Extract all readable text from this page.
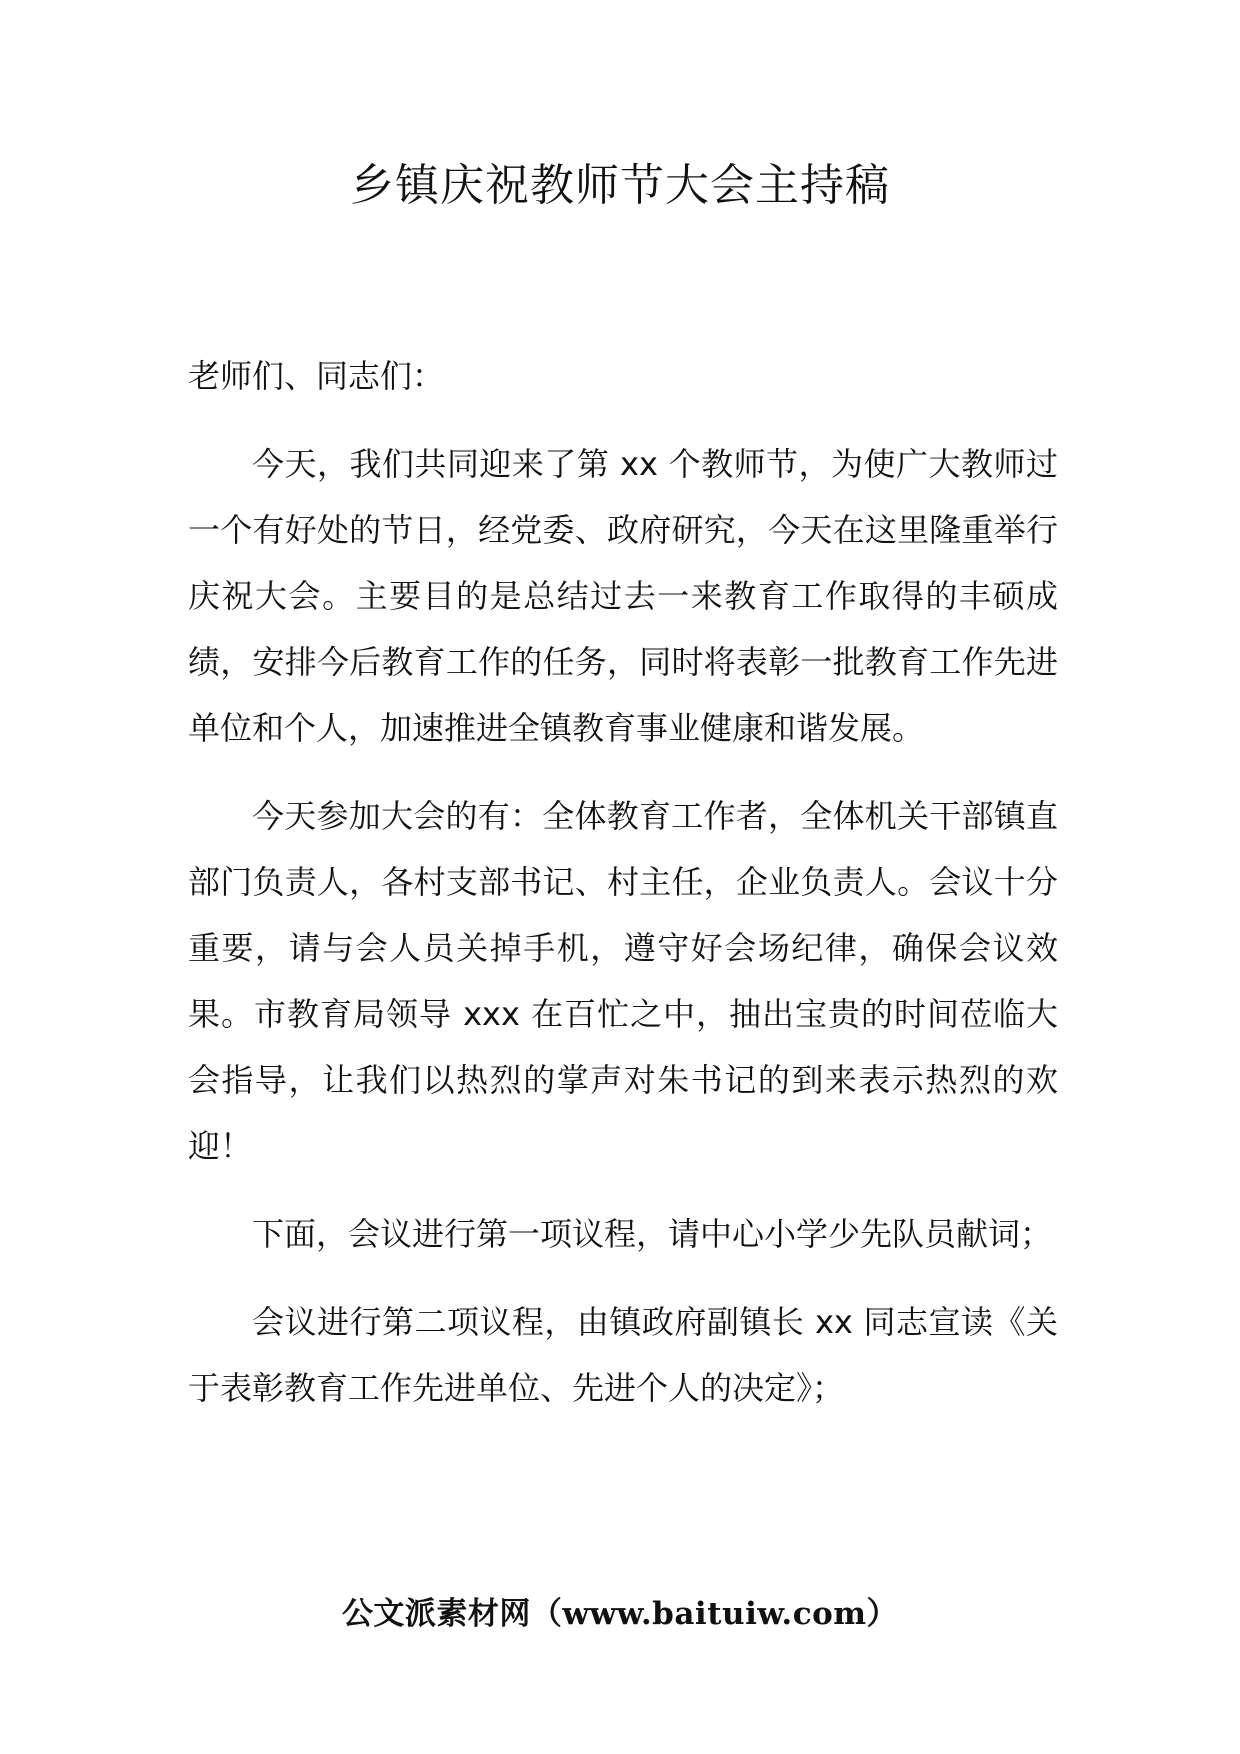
乡镇庆祝教师节大会主持稿

老师们、同志们：

今天，我们共同迎来了第 xx 个教师节，为使广大教师过一个有好处的节日，经党委、政府研究，今天在这里隆重举行庆祝大会。主要目的是总结过去一来教育工作取得的丰硕成绩，安排今后教育工作的任务，同时将表彰一批教育工作先进单位和个人，加速推进全镇教育事业健康和谐发展。

今天参加大会的有：全体教育工作者，全体机关干部镇直部门负责人，各村支部书记、村主任，企业负责人。会议十分重要，请与会人员关掉手机，遵守好会场纪律，确保会议效果。市教育局领导 xxx 在百忙之中，抽出宝贵的时间莅临大会指导，让我们以热烈的掌声对朱书记的到来表示热烈的欢迎！

下面，会议进行第一项议程，请中心小学少先队员献词；

会议进行第二项议程，由镇政府副镇长 xx 同志宣读《关于表彰教育工作先进单位、先进个人的决定》；

公文派素材网（www.baituiw.com）
